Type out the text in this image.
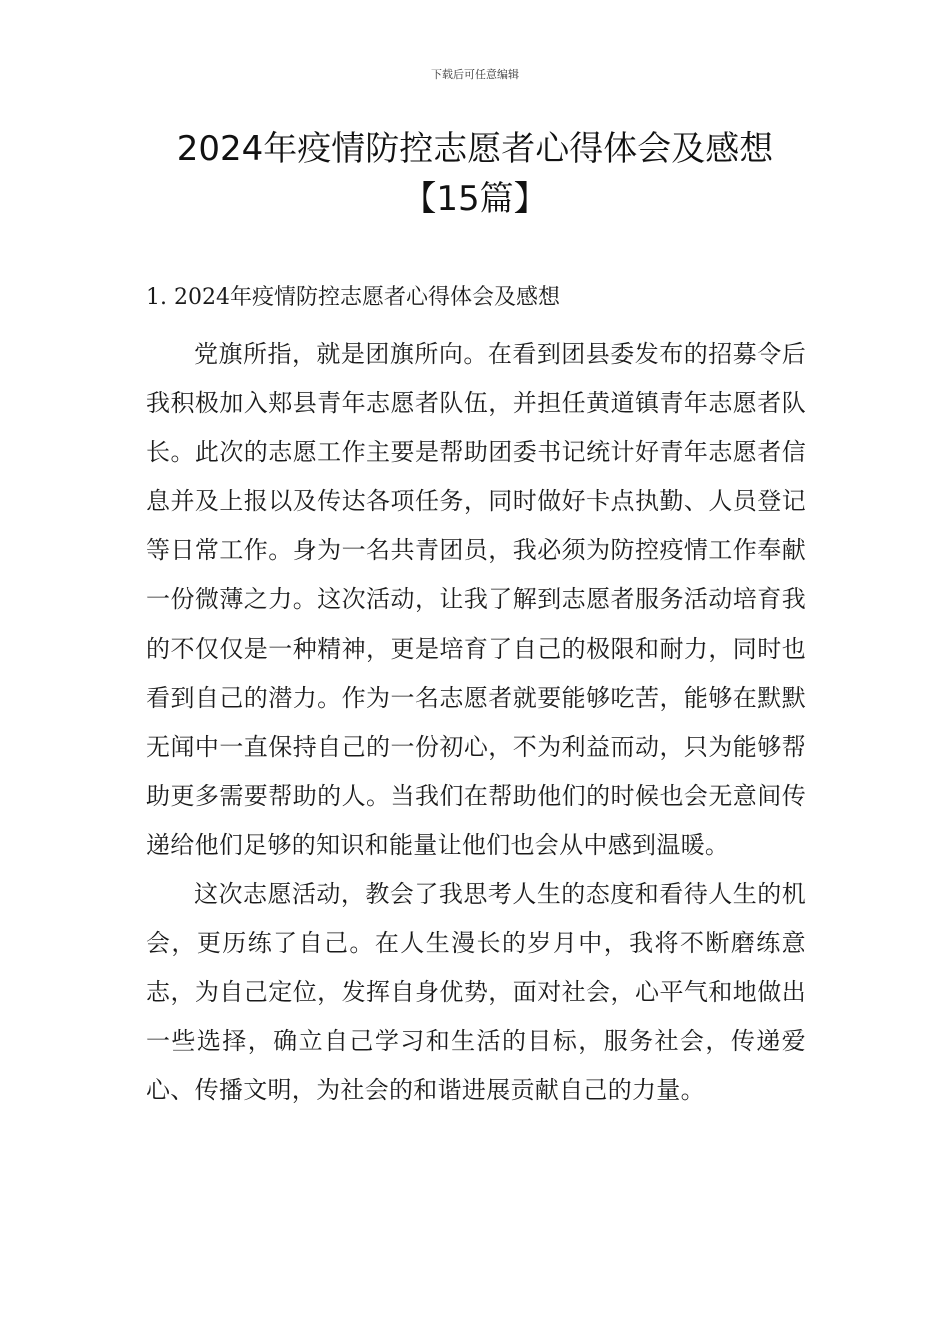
下载后可任意编辑
2024年疫情防控志愿者心得体会及感想
【15篇】
1. 2024年疫情防控志愿者心得体会及感想

党旗所指，就是团旗所向。在看到团县委发布的招募令后我积极加入郏县青年志愿者队伍，并担任黄道镇青年志愿者队长。此次的志愿工作主要是帮助团委书记统计好青年志愿者信息并及上报以及传达各项任务，同时做好卡点执勤、人员登记等日常工作。身为一名共青团员，我必须为防控疫情工作奉献一份微薄之力。这次活动，让我了解到志愿者服务活动培育我的不仅仅是一种精神，更是培育了自己的极限和耐力，同时也看到自己的潜力。作为一名志愿者就要能够吃苦，能够在默默无闻中一直保持自己的一份初心，不为利益而动，只为能够帮助更多需要帮助的人。当我们在帮助他们的时候也会无意间传递给他们足够的知识和能量让他们也会从中感到温暖。

这次志愿活动，教会了我思考人生的态度和看待人生的机会，更历练了自己。在人生漫长的岁月中，我将不断磨练意志，为自己定位，发挥自身优势，面对社会，心平气和地做出一些选择，确立自己学习和生活的目标，服务社会，传递爱心、传播文明，为社会的和谐进展贡献自己的力量。
